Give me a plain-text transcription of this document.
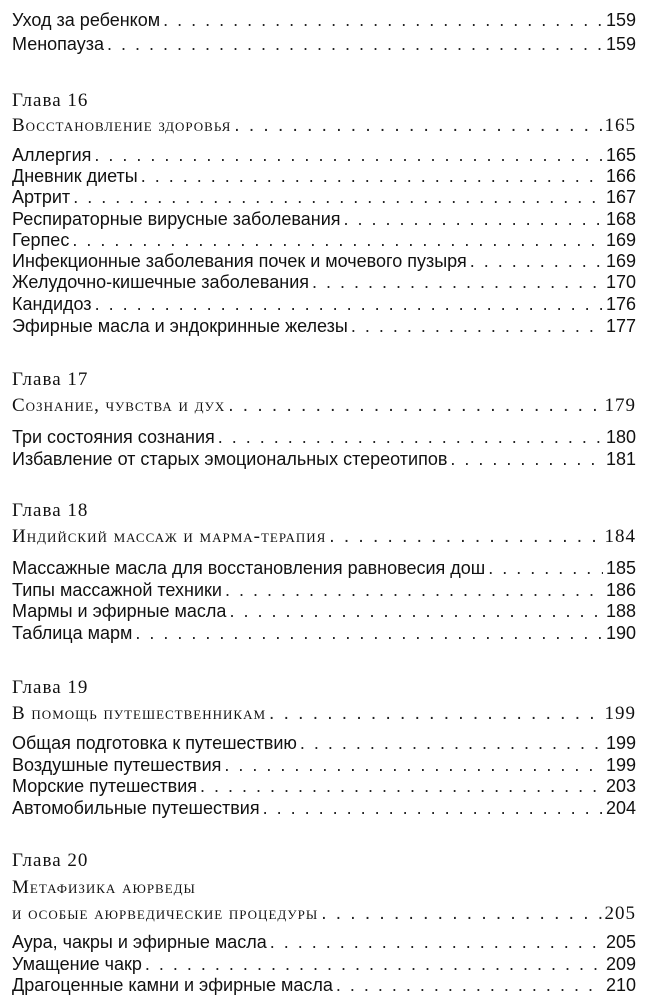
Уход за ребенком . . .	159
Менопауза . . .	159
Глава 16
Восстановление здоровья . . .	165
Аллергия . . .	165
Дневник диеты . . .	166
Артрит . . .	167
Респираторные вирусные заболевания . . .	168
Герпес . . .	169
Инфекционные заболевания почек и мочевого пузыря . . .	169
Желудочно-кишечные заболевания . . .	170
Кандидоз . . .	176
Эфирные масла и эндокринные железы . . .	177
Глава 17
Сознание, чувства и дух . . .	179
Три состояния сознания . . .	180
Избавление от старых эмоциональных стереотипов . . .	181
Глава 18
Индийский массаж и марма-терапия . . .	184
Массажные масла для восстановления равновесия дош . . .	185
Типы массажной техники . . .	186
Мармы и эфирные масла . . .	188
Таблица марм . . .	190
Глава 19
В помощь путешественникам . . .	199
Общая подготовка к путешествию . . .	199
Воздушные путешествия . . .	199
Морские путешествия . . .	203
Автомобильные путешествия . . .	204
Глава 20
Метафизика аюрведы
и особые аюрведические процедуры . . .	205
Аура, чакры и эфирные масла . . .	205
Умащение чакр . . .	209
Драгоценные камни и эфирные масла . . .	210
